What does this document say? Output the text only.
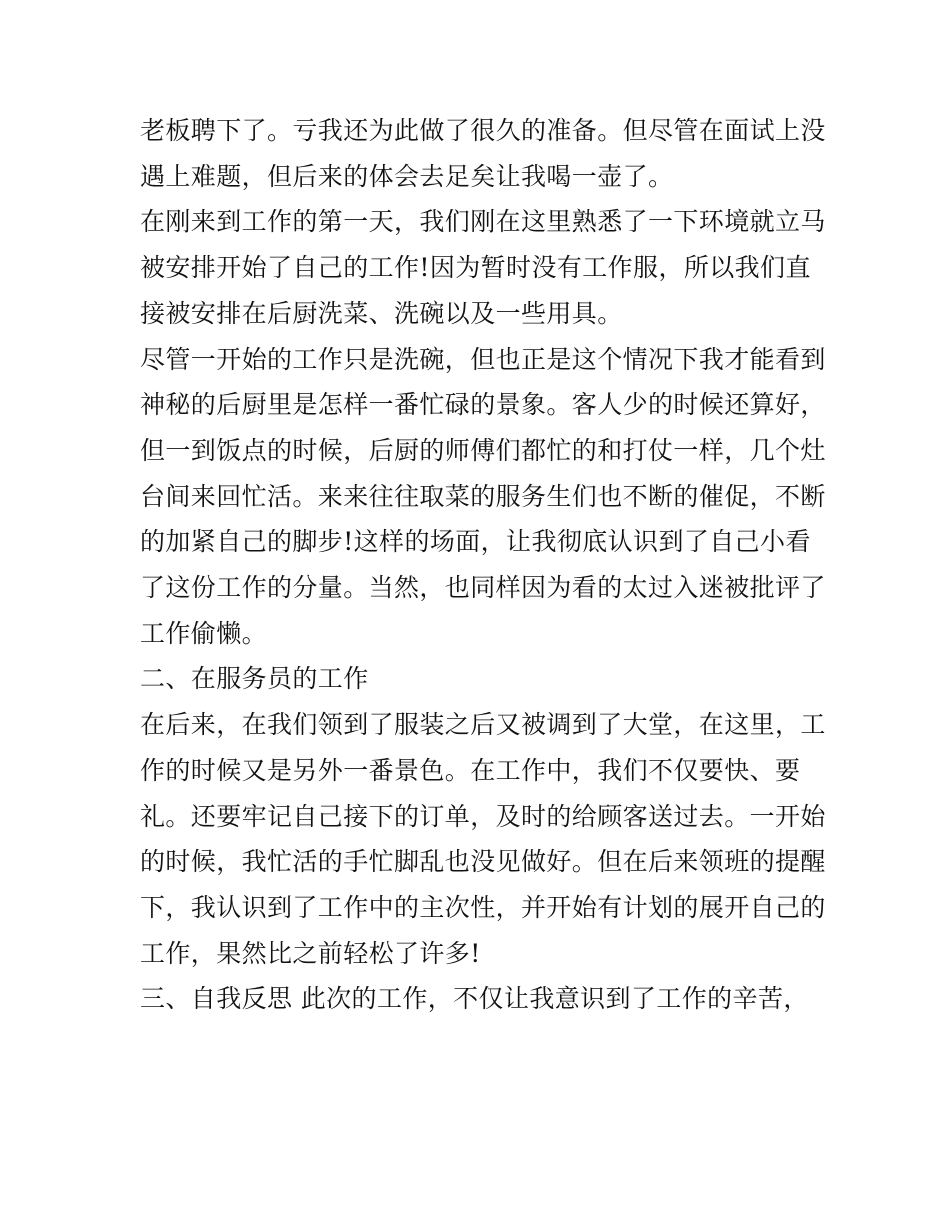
老板聘下了。亏我还为此做了很久的准备。但尽管在面试上没
遇上难题，但后来的体会去足矣让我喝一壶了。
在刚来到工作的第一天，我们刚在这里熟悉了一下环境就立马
被安排开始了自己的工作!因为暂时没有工作服，所以我们直
接被安排在后厨洗菜、洗碗以及一些用具。
尽管一开始的工作只是洗碗，但也正是这个情况下我才能看到
神秘的后厨里是怎样一番忙碌的景象。客人少的时候还算好，
但一到饭点的时候，后厨的师傅们都忙的和打仗一样，几个灶
台间来回忙活。来来往往取菜的服务生们也不断的催促，不断
的加紧自己的脚步!这样的场面，让我彻底认识到了自己小看
了这份工作的分量。当然，也同样因为看的太过入迷被批评了
工作偷懒。
二、在服务员的工作
在后来，在我们领到了服装之后又被调到了大堂，在这里，工
作的时候又是另外一番景色。在工作中，我们不仅要快、要
礼。还要牢记自己接下的订单，及时的给顾客送过去。一开始
的时候，我忙活的手忙脚乱也没见做好。但在后来领班的提醒
下，我认识到了工作中的主次性，并开始有计划的展开自己的
工作，果然比之前轻松了许多!
三、自我反思 此次的工作，不仅让我意识到了工作的辛苦，
